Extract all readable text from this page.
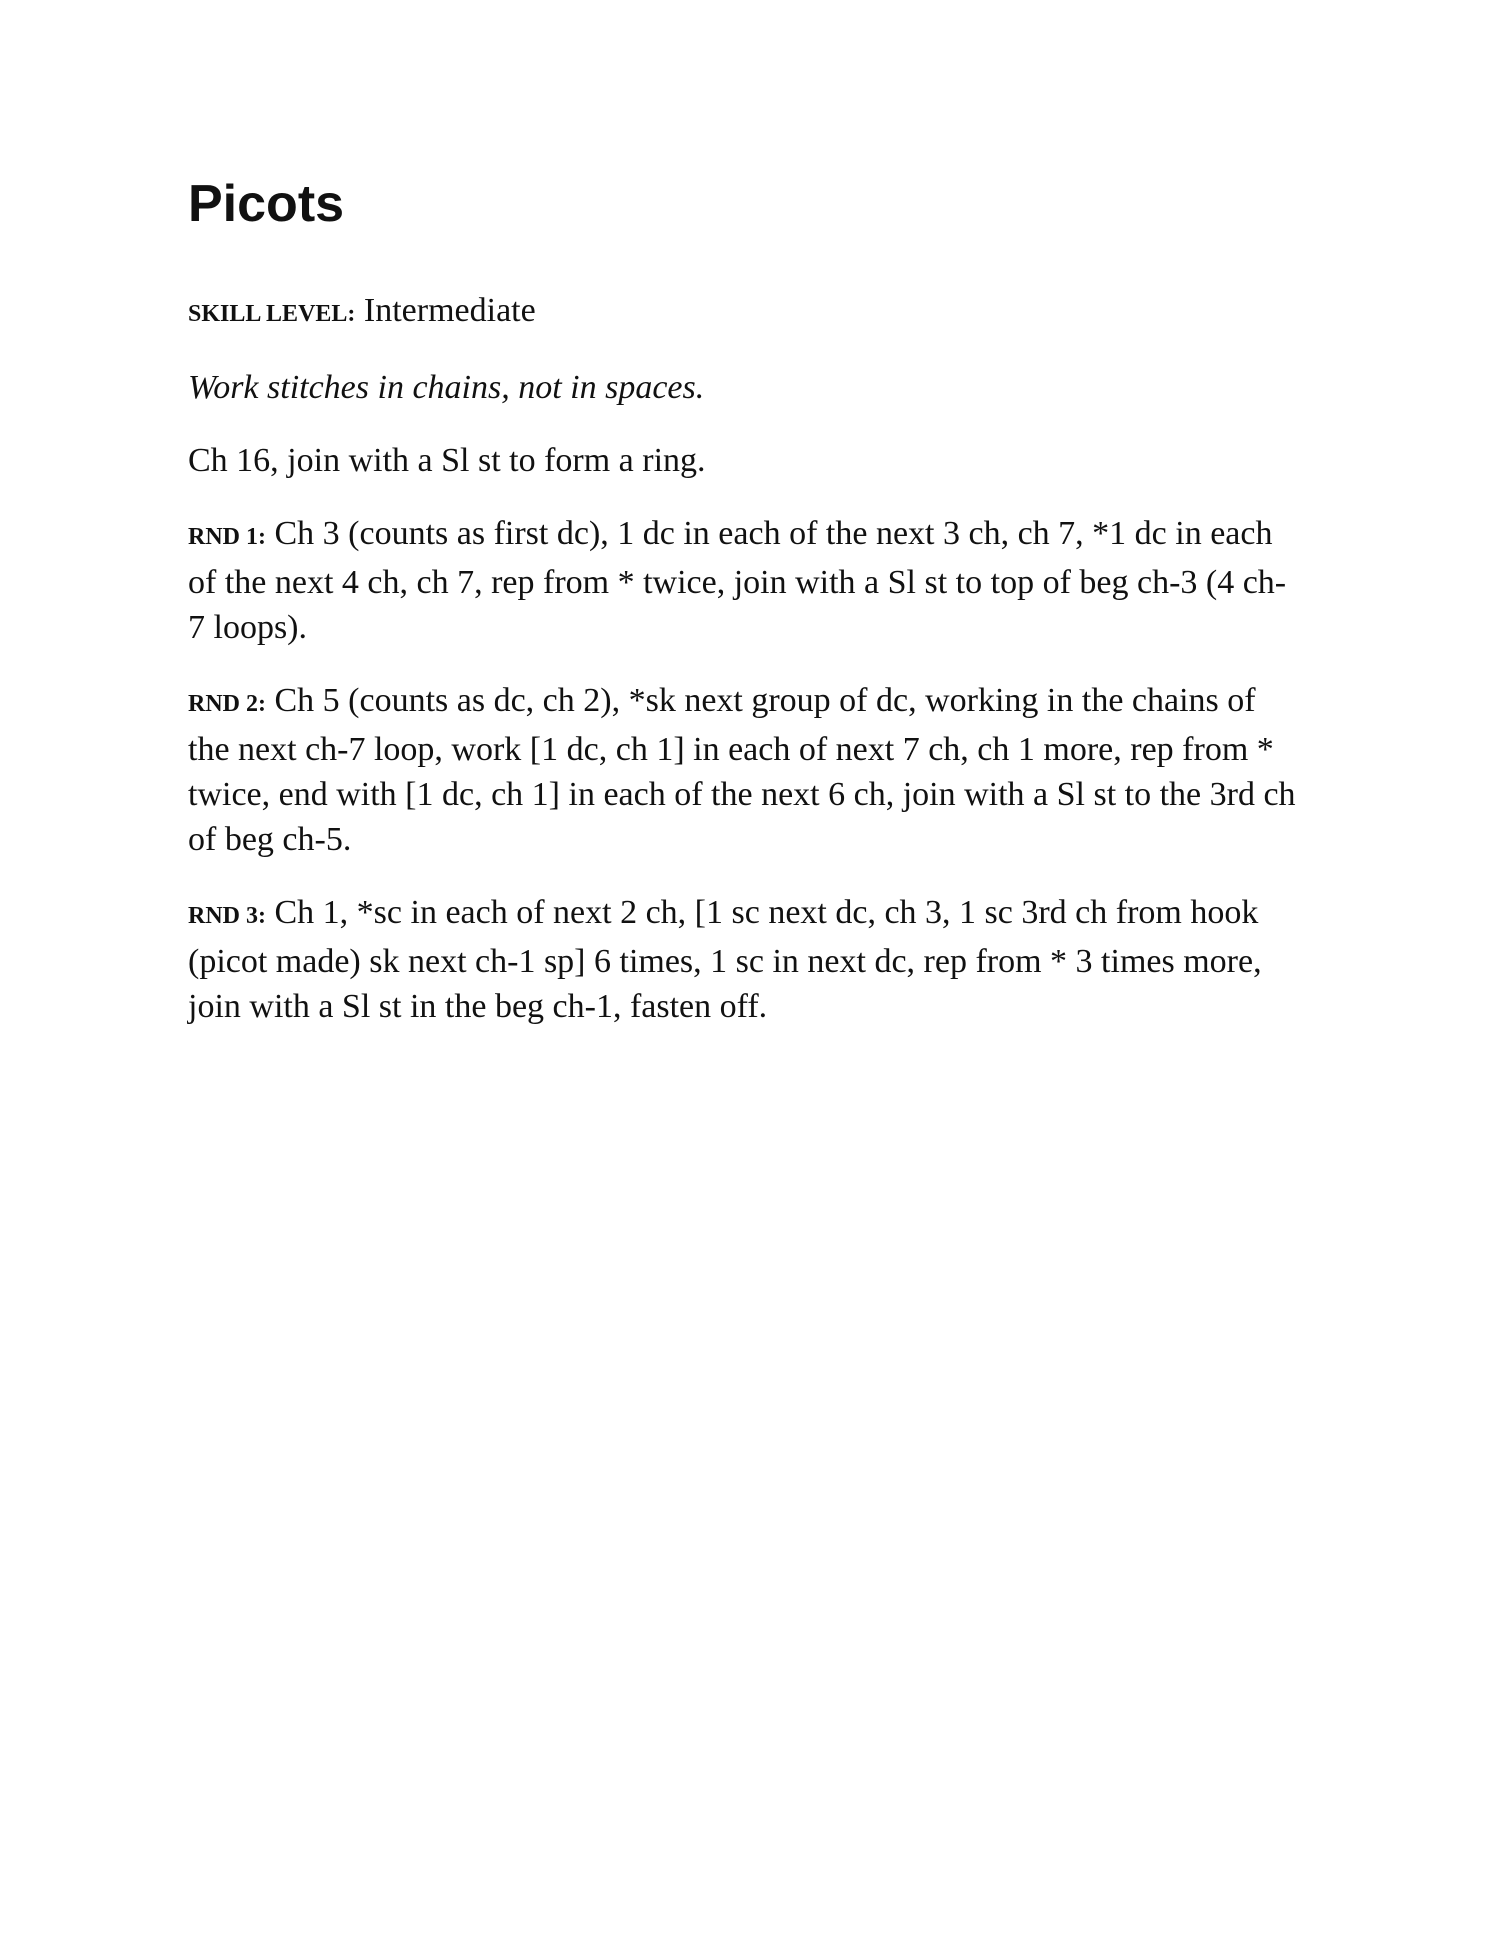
Picots

SKILL LEVEL: Intermediate

Work stitches in chains, not in spaces.

Ch 16, join with a Sl st to form a ring.

RND 1: Ch 3 (counts as first dc), 1 dc in each of the next 3 ch, ch 7, *1 dc in each of the next 4 ch, ch 7, rep from * twice, join with a Sl st to top of beg ch-3 (4 ch-7 loops).

RND 2: Ch 5 (counts as dc, ch 2), *sk next group of dc, working in the chains of the next ch-7 loop, work [1 dc, ch 1] in each of next 7 ch, ch 1 more, rep from * twice, end with [1 dc, ch 1] in each of the next 6 ch, join with a Sl st to the 3rd ch of beg ch-5.

RND 3: Ch 1, *sc in each of next 2 ch, [1 sc next dc, ch 3, 1 sc 3rd ch from hook (picot made) sk next ch-1 sp] 6 times, 1 sc in next dc, rep from * 3 times more, join with a Sl st in the beg ch-1, fasten off.
